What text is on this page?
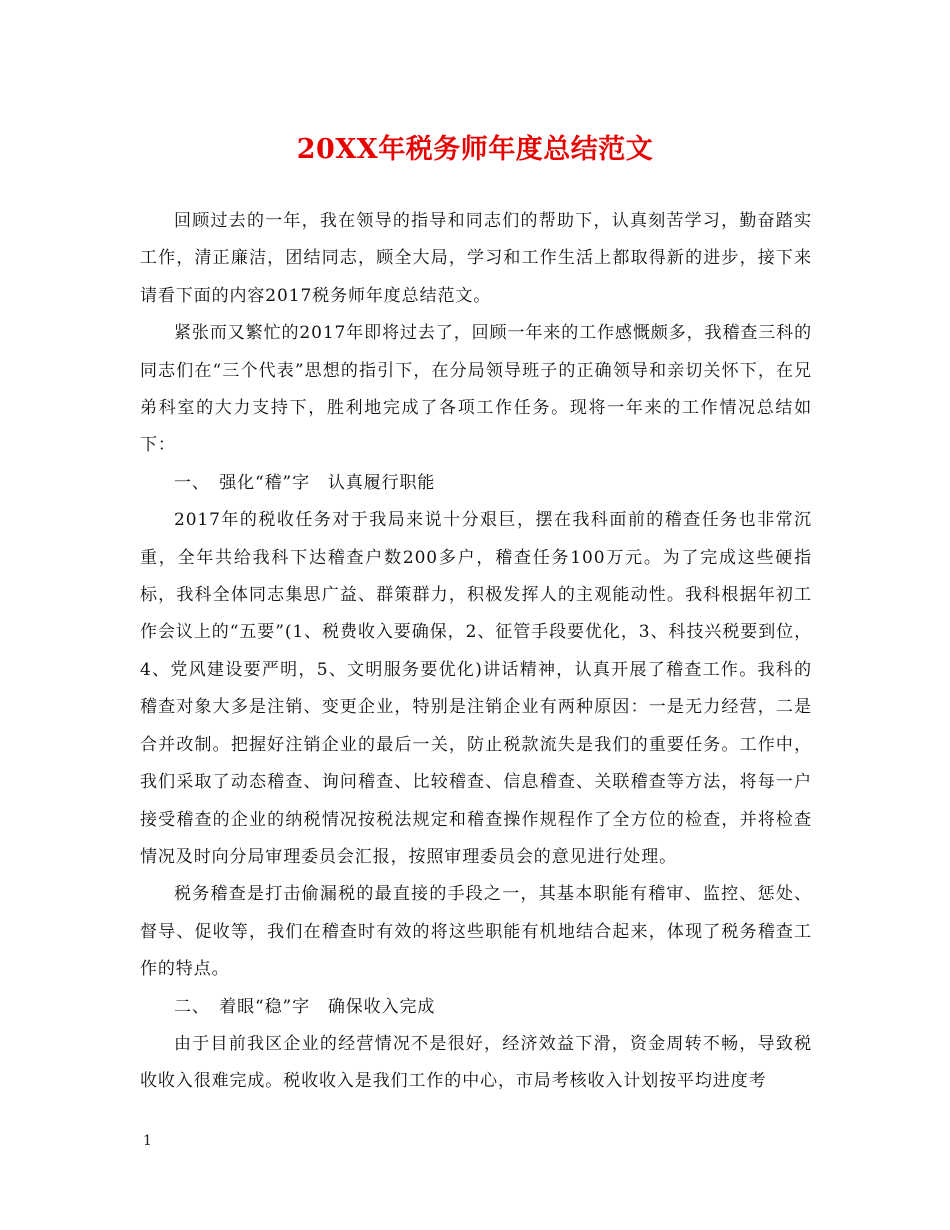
20XX年税务师年度总结范文

回顾过去的一年，我在领导的指导和同志们的帮助下，认真刻苦学习，勤奋踏实工作，清正廉洁，团结同志，顾全大局，学习和工作生活上都取得新的进步，接下来请看下面的内容2017税务师年度总结范文。

紧张而又繁忙的2017年即将过去了，回顾一年来的工作感慨颇多，我稽查三科的同志们在“三个代表”思想的指引下，在分局领导班子的正确领导和亲切关怀下，在兄弟科室的大力支持下，胜利地完成了各项工作任务。现将一年来的工作情况总结如下：

一、　强化“稽”字　认真履行职能

2017年的税收任务对于我局来说十分艰巨，摆在我科面前的稽查任务也非常沉重，全年共给我科下达稽查户数200多户，稽查任务100万元。为了完成这些硬指标，我科全体同志集思广益、群策群力，积极发挥人的主观能动性。我科根据年初工作会议上的“五要”(1、税费收入要确保，2、征管手段要优化，3、科技兴税要到位，4、党风建设要严明，5、文明服务要优化)讲话精神，认真开展了稽查工作。我科的稽查对象大多是注销、变更企业，特别是注销企业有两种原因：一是无力经营，二是合并改制。把握好注销企业的最后一关，防止税款流失是我们的重要任务。工作中，我们采取了动态稽查、询问稽查、比较稽查、信息稽查、关联稽查等方法，将每一户接受稽查的企业的纳税情况按税法规定和稽查操作规程作了全方位的检查，并将检查情况及时向分局审理委员会汇报，按照审理委员会的意见进行处理。

税务稽查是打击偷漏税的最直接的手段之一，其基本职能有稽审、监控、惩处、督导、促收等，我们在稽查时有效的将这些职能有机地结合起来，体现了税务稽查工作的特点。

二、　着眼“稳”字　确保收入完成

由于目前我区企业的经营情况不是很好，经济效益下滑，资金周转不畅，导致税收收入很难完成。税收收入是我们工作的中心，市局考核收入计划按平均进度考

1
